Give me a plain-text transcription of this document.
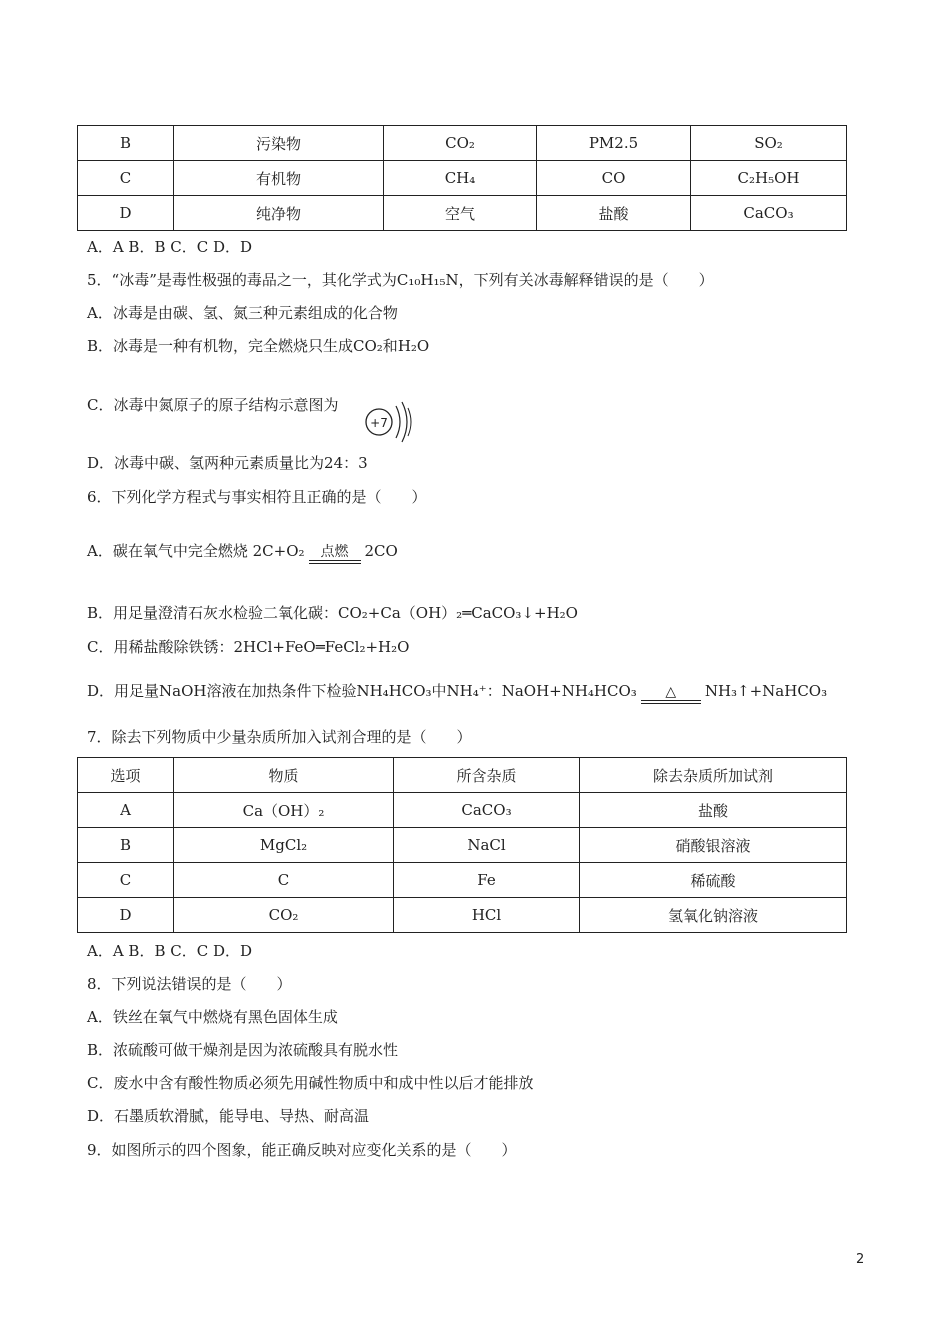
B	污染物	CO₂	PM2.5	SO₂
C	有机物	CH₄	CO	C₂H₅OH
D	纯净物	空气	盐酸	CaCO₃
A．A B．B C．C D．D
5．“冰毒”是毒性极强的毒品之一，其化学式为C₁₀H₁₅N，下列有关冰毒解释错误的是（　　）
A．冰毒是由碳、氢、氮三种元素组成的化合物
B．冰毒是一种有机物，完全燃烧只生成CO₂和H₂O
C．冰毒中氮原子的原子结构示意图为
+7
D．冰毒中碳、氢两种元素质量比为24：3
6．下列化学方程式与事实相符且正确的是（　　）
A．碳在氧气中完全燃烧 2C+O₂	点燃	2CO
B．用足量澄清石灰水检验二氧化碳：CO₂+Ca（OH）₂═CaCO₃↓+H₂O
C．用稀盐酸除铁锈：2HCl+FeO═FeCl₂+H₂O
D．用足量NaOH溶液在加热条件下检验NH₄HCO₃中NH₄⁺：NaOH+NH₄HCO₃	△	NH₃↑+NaHCO₃
7．除去下列物质中少量杂质所加入试剂合理的是（　　）
选项	物质	所含杂质	除去杂质所加试剂
A	Ca（OH）₂	CaCO₃	盐酸
B	MgCl₂	NaCl	硝酸银溶液
C	C	Fe	稀硫酸
D	CO₂	HCl	氢氧化钠溶液
A．A B．B C．C D．D
8．下列说法错误的是（　　）
A．铁丝在氧气中燃烧有黑色固体生成
B．浓硫酸可做干燥剂是因为浓硫酸具有脱水性
C．废水中含有酸性物质必须先用碱性物质中和成中性以后才能排放
D．石墨质软滑腻，能导电、导热、耐高温
9．如图所示的四个图象，能正确反映对应变化关系的是（　　）
2
